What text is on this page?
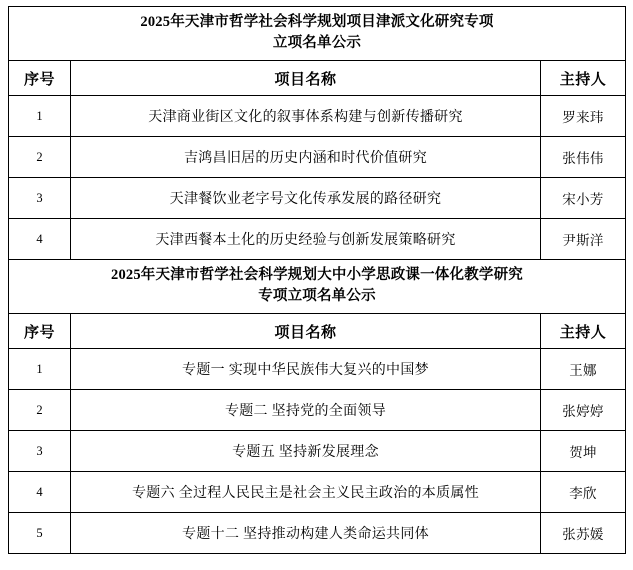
2025年天津市哲学社会科学规划项目津派文化研究专项
立项名单公示		

序号	项目名称	主持人
1	天津商业街区文化的叙事体系构建与创新传播研究	罗来玮
2	吉鸿昌旧居的历史内涵和时代价值研究	张伟伟
3	天津餐饮业老字号文化传承发展的路径研究	宋小芳
4	天津西餐本土化的历史经验与创新发展策略研究	尹斯洋

2025年天津市哲学社会科学规划大中小学思政课一体化教学研究
专项立项名单公示		

序号	项目名称	主持人
1	专题一 实现中华民族伟大复兴的中国梦	王娜
2	专题二 坚持党的全面领导	张婷婷
3	专题五 坚持新发展理念	贺坤
4	专题六 全过程人民民主是社会主义民主政治的本质属性	李欣
5	专题十二 坚持推动构建人类命运共同体	张苏媛
